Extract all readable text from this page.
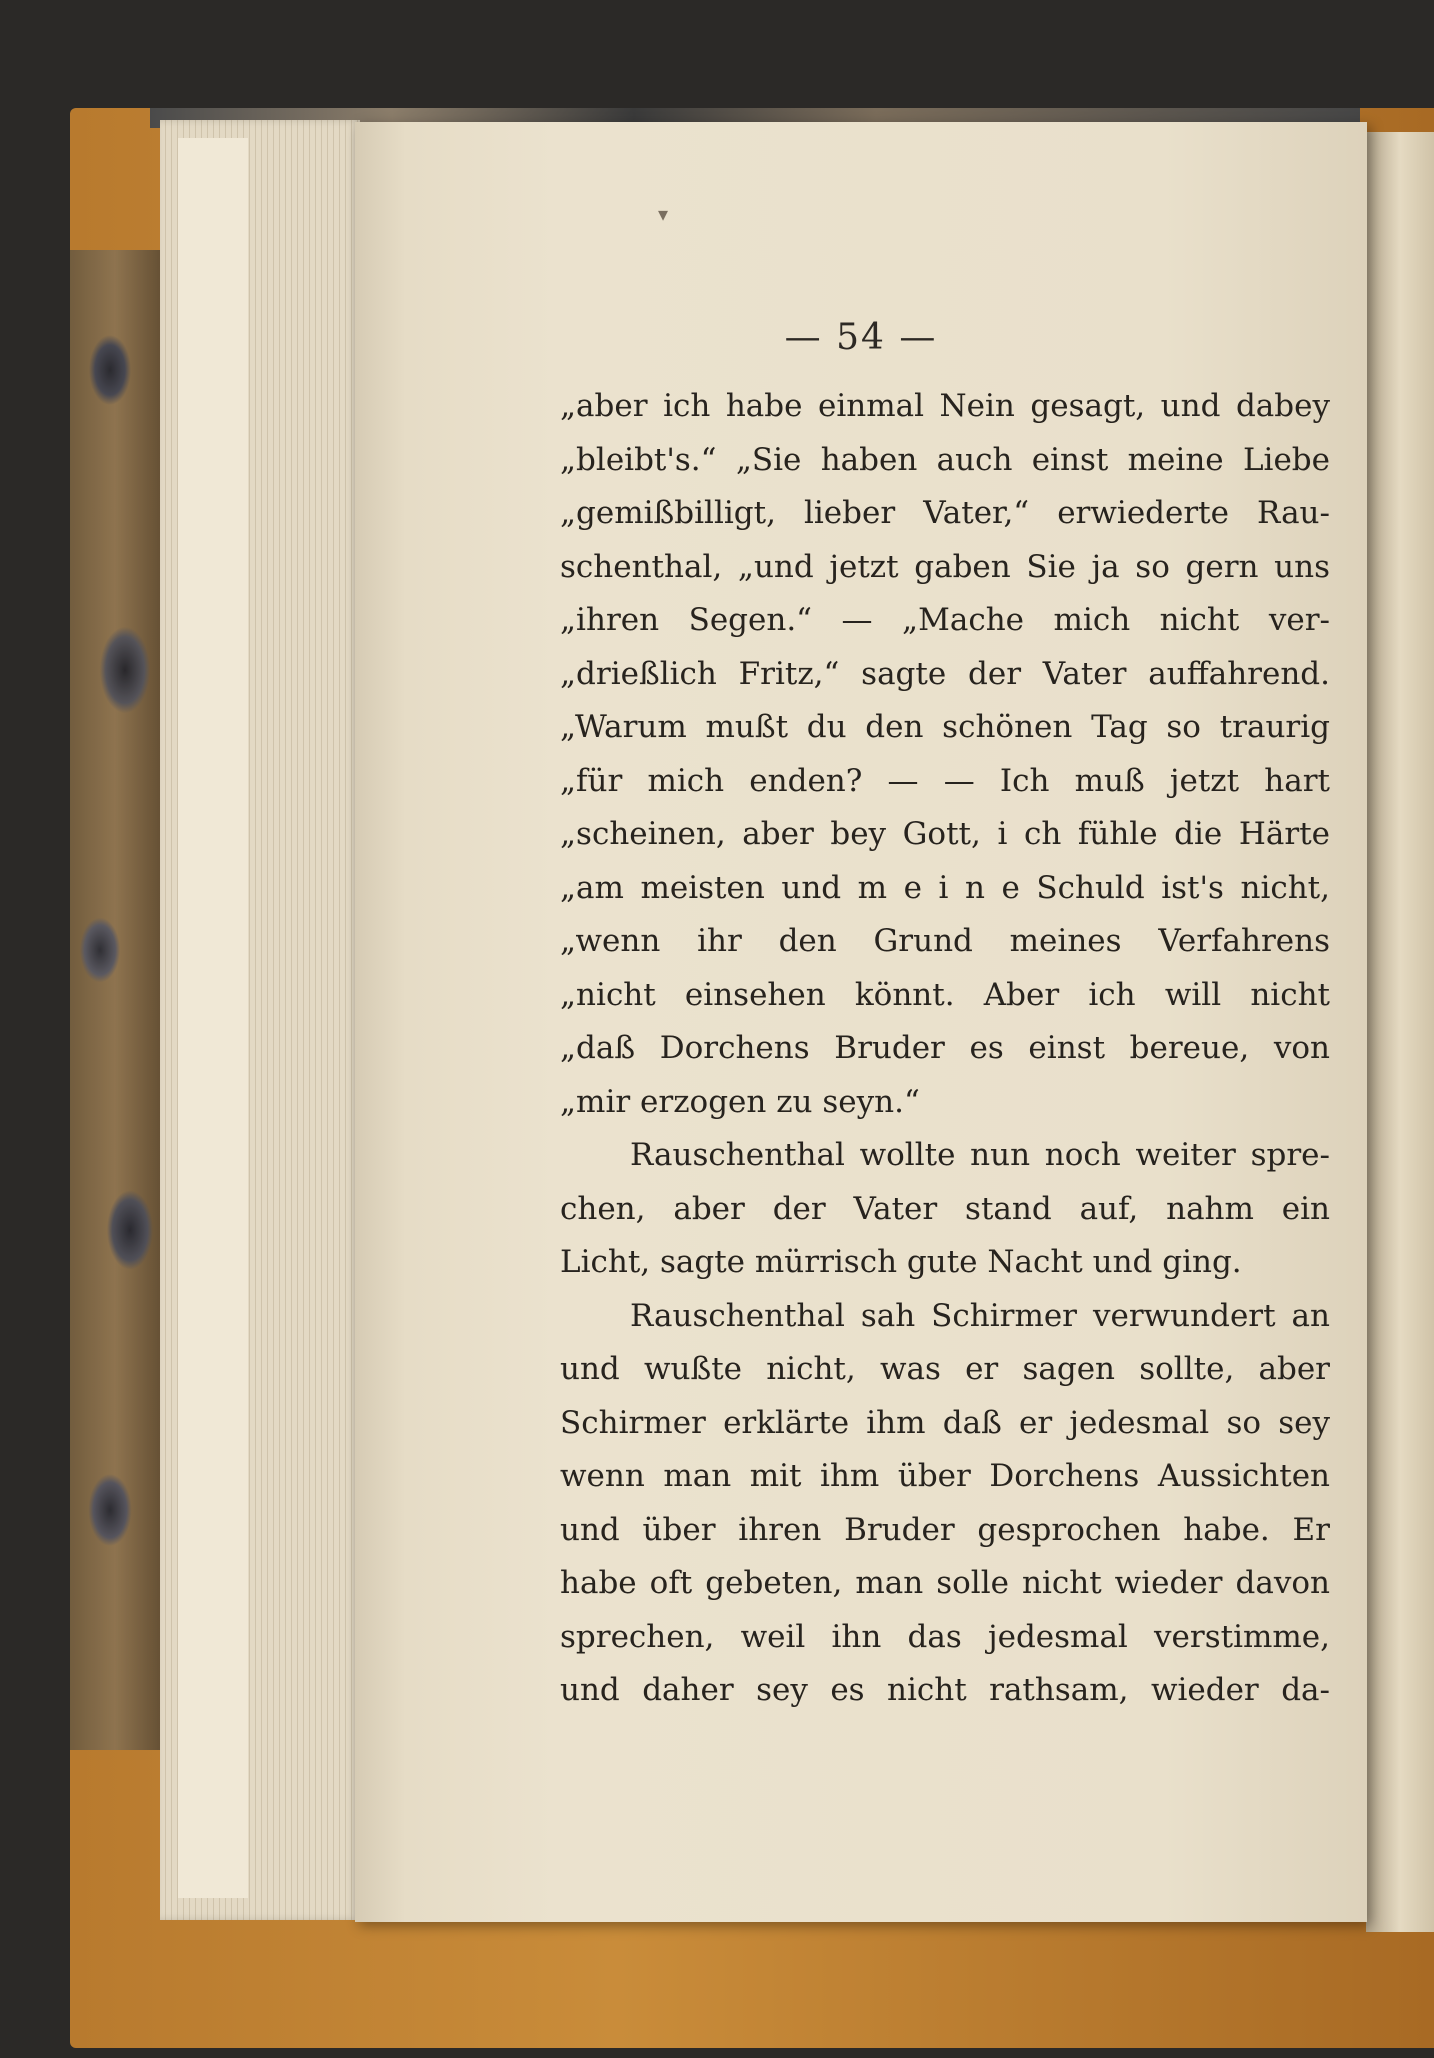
▾
— 54 —
„aber ich habe einmal Nein gesagt, und dabey
„bleibt's.“ „Sie haben auch einst meine Liebe
„gemißbilligt, lieber Vater,“ erwiederte Rau-
schenthal, „und jetzt gaben Sie ja so gern uns
„ihren Segen.“ — „Mache mich nicht ver-
„drießlich Fritz,“ sagte der Vater auffahrend.
„Warum mußt du den schönen Tag so traurig
„für mich enden? — — Ich muß jetzt hart
„scheinen, aber bey Gott, i ch fühle die Härte
„am meisten und m e i n e Schuld ist's nicht,
„wenn ihr den Grund meines Verfahrens
„nicht einsehen könnt. Aber ich will nicht
„daß Dorchens Bruder es einst bereue, von
„mir erzogen zu seyn.“
Rauschenthal wollte nun noch weiter spre-
chen, aber der Vater stand auf, nahm ein
Licht, sagte mürrisch gute Nacht und ging.
Rauschenthal sah Schirmer verwundert an
und wußte nicht, was er sagen sollte, aber
Schirmer erklärte ihm daß er jedesmal so sey
wenn man mit ihm über Dorchens Aussichten
und über ihren Bruder gesprochen habe. Er
habe oft gebeten, man solle nicht wieder davon
sprechen, weil ihn das jedesmal verstimme,
und daher sey es nicht rathsam, wieder da-
